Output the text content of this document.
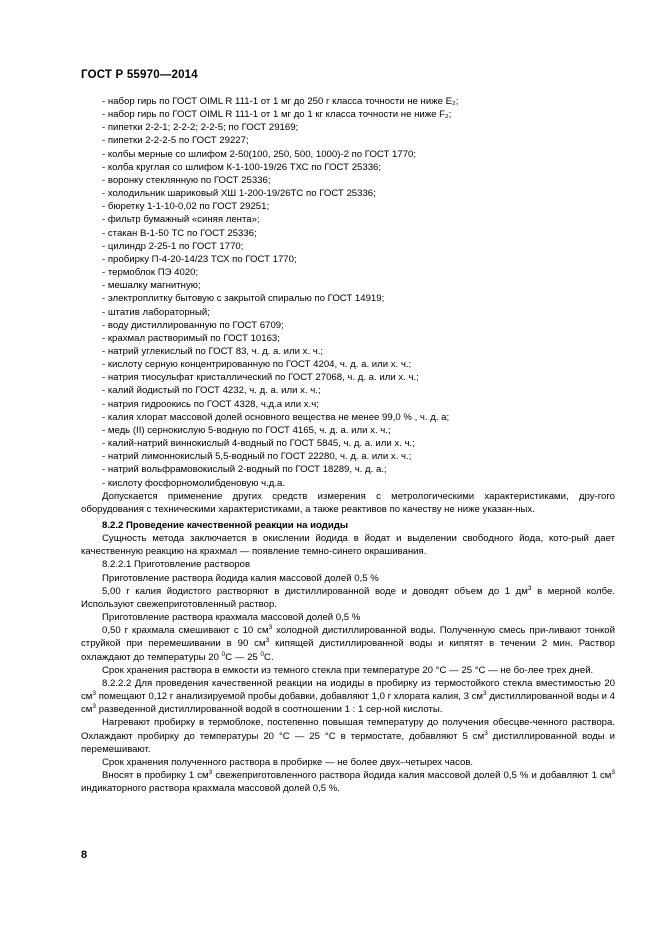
ГОСТ Р 55970—2014
- набор гирь по ГОСТ OIML R 111-1 от 1 мг до 250 г класса точности не ниже E₂;
- набор гирь по ГОСТ OIML R 111-1 от 1 мг до 1 кг класса точности не ниже F₂;
- пипетки 2-2-1; 2-2-2; 2-2-5; по ГОСТ 29169;
- пипетки 2-2-2-5 по ГОСТ 29227;
- колбы мерные со шлифом 2-50(100, 250, 500, 1000)-2 по ГОСТ 1770;
- колба круглая со шлифом К-1-100-19/26 ТХС по ГОСТ 25336;
- воронку стеклянную по ГОСТ 25336;
- холодильник шариковый ХШ 1-200-19/26ТС по ГОСТ 25336;
- бюретку 1-1-10-0,02 по ГОСТ 29251;
- фильтр бумажный «синяя лента»;
- стакан В-1-50 ТС по ГОСТ 25336;
- цилиндр 2-25-1 по ГОСТ 1770;
- пробирку П-4-20-14/23 ТСХ по ГОСТ 1770;
- термоблок ПЭ 4020;
- мешалку магнитную;
- электроплитку бытовую с закрытой спиралью по ГОСТ 14919;
- штатив лабораторный;
- воду дистиллированную по ГОСТ 6709;
- крахмал растворимый по ГОСТ 10163;
- натрий углекислый по ГОСТ 83, ч. д. а. или х. ч.;
- кислоту серную концентрированную по ГОСТ 4204, ч. д. а. или х. ч.;
- натрия тиосульфат кристаллический по ГОСТ 27068, ч. д. а. или х. ч.;
- калий йодистый по ГОСТ 4232, ч. д. а. или х. ч.;
- натрия гидроокись по ГОСТ 4328, ч.д.а или х.ч;
- калия хлорат массовой долей основного вещества не менее 99,0 % , ч. д. а;
- медь (II) сернокислую 5-водную по ГОСТ 4165, ч. д. а. или х. ч.;
- калий-натрий виннокислый 4-водный по ГОСТ 5845, ч. д. а. или х. ч.;
- натрий лимоннокислый 5,5-водный по ГОСТ 22280, ч. д. а. или х. ч.;
- натрий вольфрамовокислый 2-водный по ГОСТ 18289, ч. д. а.;
- кислоту фосфорномолибденовую ч.д.а.

Допускается применение других средств измерения с метрологическими характеристиками, дру-гого оборудования с техническими характеристиками, а также реактивов по качеству не ниже указан-ных.

8.2.2 Проведение качественной реакции на иодиды

Сущность метода заключается в окислении йодида в йодат и выделении свободного йода, кото-рый дает качественную реакцию на крахмал — появление темно-синего окрашивания.

8.2.2.1 Приготовление растворов

Приготовление раствора йодида калия массовой долей 0,5 %

5,00 г калия йодистого растворяют в дистиллированной воде и доводят объем до 1 $дм^3$ в мерной колбе. Используют свежеприготовленный раствор.

Приготовление раствора крахмала массовой долей 0,5 %

0,50 г крахмала смешивают с 10 $см^3$ холодной дистиллированной воды. Полученную смесь при-ливают тонкой струйкой при перемешивании в 90 $см^3$ кипящей дистиллированной воды и кипятят в течении 2 мин. Раствор охлаждают до температуры 20 $^0$С — 25 $^0$С.

Срок хранения раствора в емкости из темного стекла при температуре 20 °С — 25 °С — не бо-лее трех дней.

8.2.2.2 Для проведения качественной реакции на иодиды в пробирку из термостойкого стекла вместимостью 20 $см^3$ помещают 0,12 г анализируемой пробы добавки, добавляют 1,0 г хлората калия, 3 $см^3$ дистиллированной воды и 4 $см^3$ разведенной дистиллированной водой в соотношении 1 : 1 сер-ной кислоты.

Нагревают пробирку в термоблоке, постепенно повышая температуру до получения обесцве-ченного раствора. Охлаждают пробирку до температуры 20 °С — 25 °С в термостате, добавляют 5 $см^3$ дистиллированной воды и перемешивают.

Срок хранения полученного раствора в пробирке — не более двух–четырех часов.

Вносят в пробирку 1 $см^3$ свежеприготовленного раствора йодида калия массовой долей 0,5 % и добавляют 1 $см^3$ индикаторного раствора крахмала массовой долей 0,5 %.

8
